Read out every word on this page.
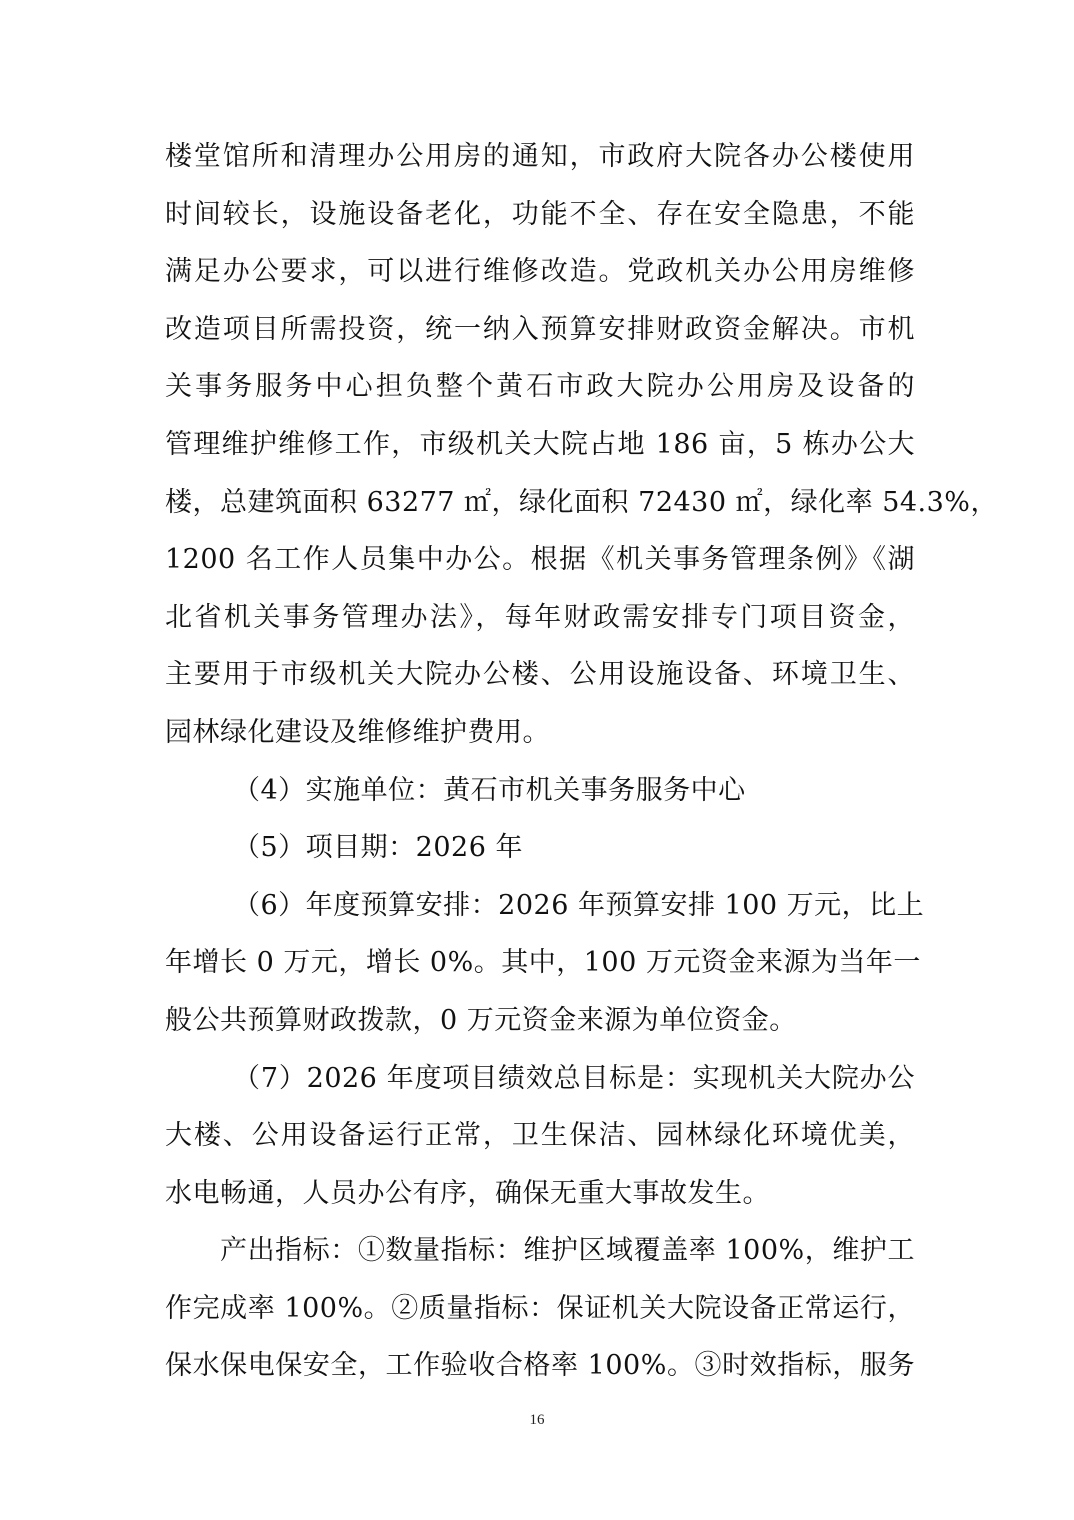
楼堂馆所和清理办公用房的通知，市政府大院各办公楼使用
时间较长，设施设备老化，功能不全、存在安全隐患，不能
满足办公要求，可以进行维修改造。党政机关办公用房维修
改造项目所需投资，统一纳入预算安排财政资金解决。市机
关事务服务中心担负整个黄石市政大院办公用房及设备的
管理维护维修工作，市级机关大院占地 186 亩，5 栋办公大
楼，总建筑面积 63277 ㎡，绿化面积 72430 ㎡，绿化率 54.3%，
1200 名工作人员集中办公。根据《机关事务管理条例》《湖
北省机关事务管理办法》，每年财政需安排专门项目资金，
主要用于市级机关大院办公楼、公用设施设备、环境卫生、
园林绿化建设及维修维护费用。
（4）实施单位：黄石市机关事务服务中心
（5）项目期：2026 年
（6）年度预算安排：2026 年预算安排 100 万元，比上
年增长 0 万元，增长 0%。其中，100 万元资金来源为当年一
般公共预算财政拨款，0 万元资金来源为单位资金。
（7）2026 年度项目绩效总目标是：实现机关大院办公
大楼、公用设备运行正常，卫生保洁、园林绿化环境优美，
水电畅通，人员办公有序，确保无重大事故发生。
产出指标：①数量指标：维护区域覆盖率 100%，维护工
作完成率 100%。②质量指标：保证机关大院设备正常运行，
保水保电保安全，工作验收合格率 100%。③时效指标，服务
16
